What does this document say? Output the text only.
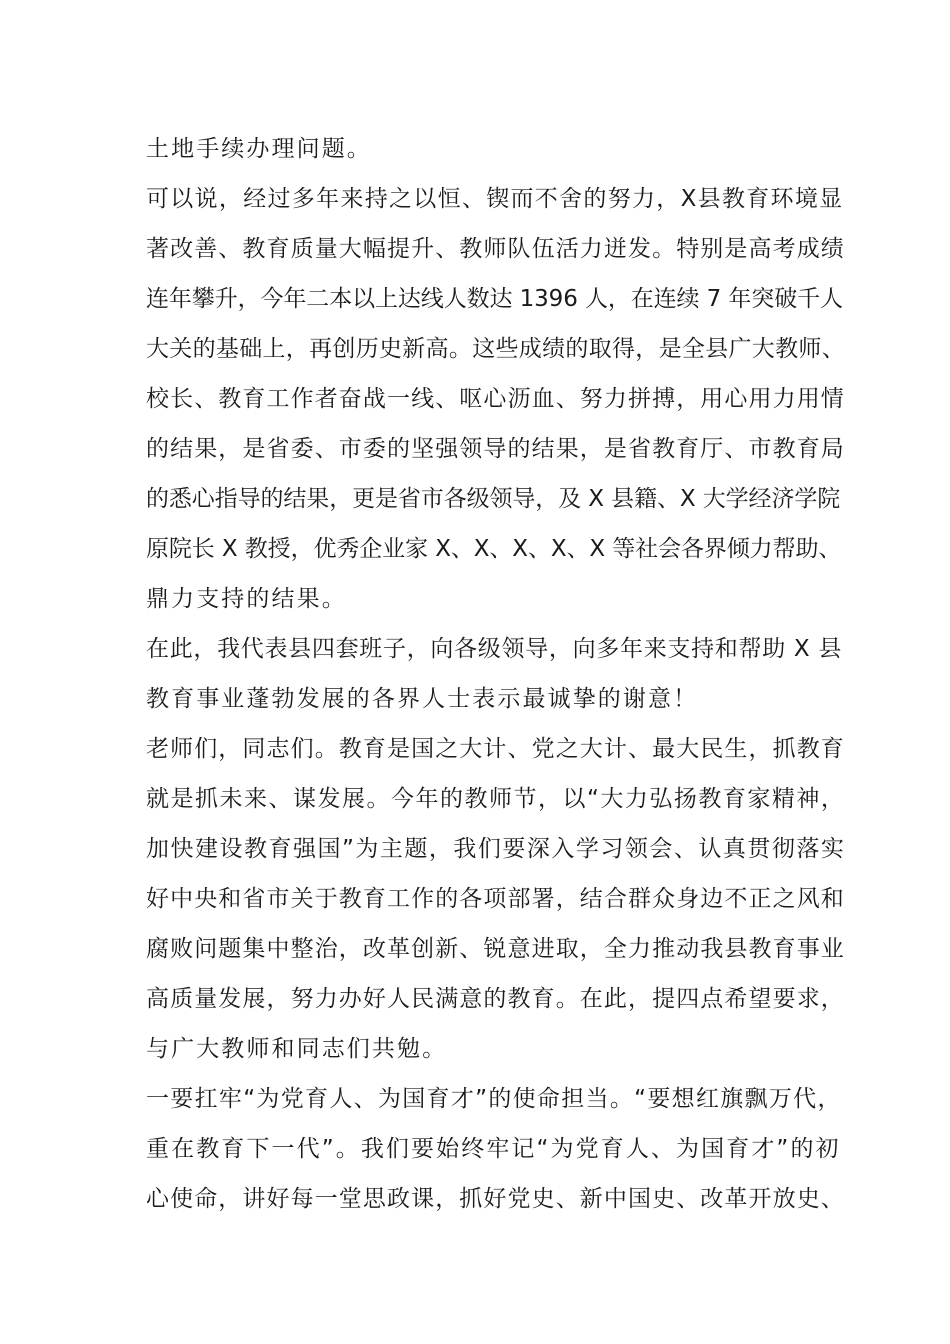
土地手续办理问题。
可以说，经过多年来持之以恒、锲而不舍的努力，X县教育环境显
著改善、教育质量大幅提升、教师队伍活力迸发。特别是高考成绩
连年攀升，今年二本以上达线人数达 1396 人，在连续 7 年突破千人
大关的基础上，再创历史新高。这些成绩的取得，是全县广大教师、
校长、教育工作者奋战一线、呕心沥血、努力拼搏，用心用力用情
的结果，是省委、市委的坚强领导的结果，是省教育厅、市教育局
的悉心指导的结果，更是省市各级领导，及 X 县籍、X 大学经济学院
原院长 X 教授，优秀企业家 X、X、X、X、X 等社会各界倾力帮助、
鼎力支持的结果。
在此，我代表县四套班子，向各级领导，向多年来支持和帮助 X 县
教育事业蓬勃发展的各界人士表示最诚挚的谢意！
老师们，同志们。教育是国之大计、党之大计、最大民生，抓教育
就是抓未来、谋发展。今年的教师节，以“大力弘扬教育家精神，
加快建设教育强国”为主题，我们要深入学习领会、认真贯彻落实
好中央和省市关于教育工作的各项部署，结合群众身边不正之风和
腐败问题集中整治，改革创新、锐意进取，全力推动我县教育事业
高质量发展，努力办好人民满意的教育。在此，提四点希望要求，
与广大教师和同志们共勉。
一要扛牢“为党育人、为国育才”的使命担当。“要想红旗飘万代，
重在教育下一代”。我们要始终牢记“为党育人、为国育才”的初
心使命，讲好每一堂思政课，抓好党史、新中国史、改革开放史、
